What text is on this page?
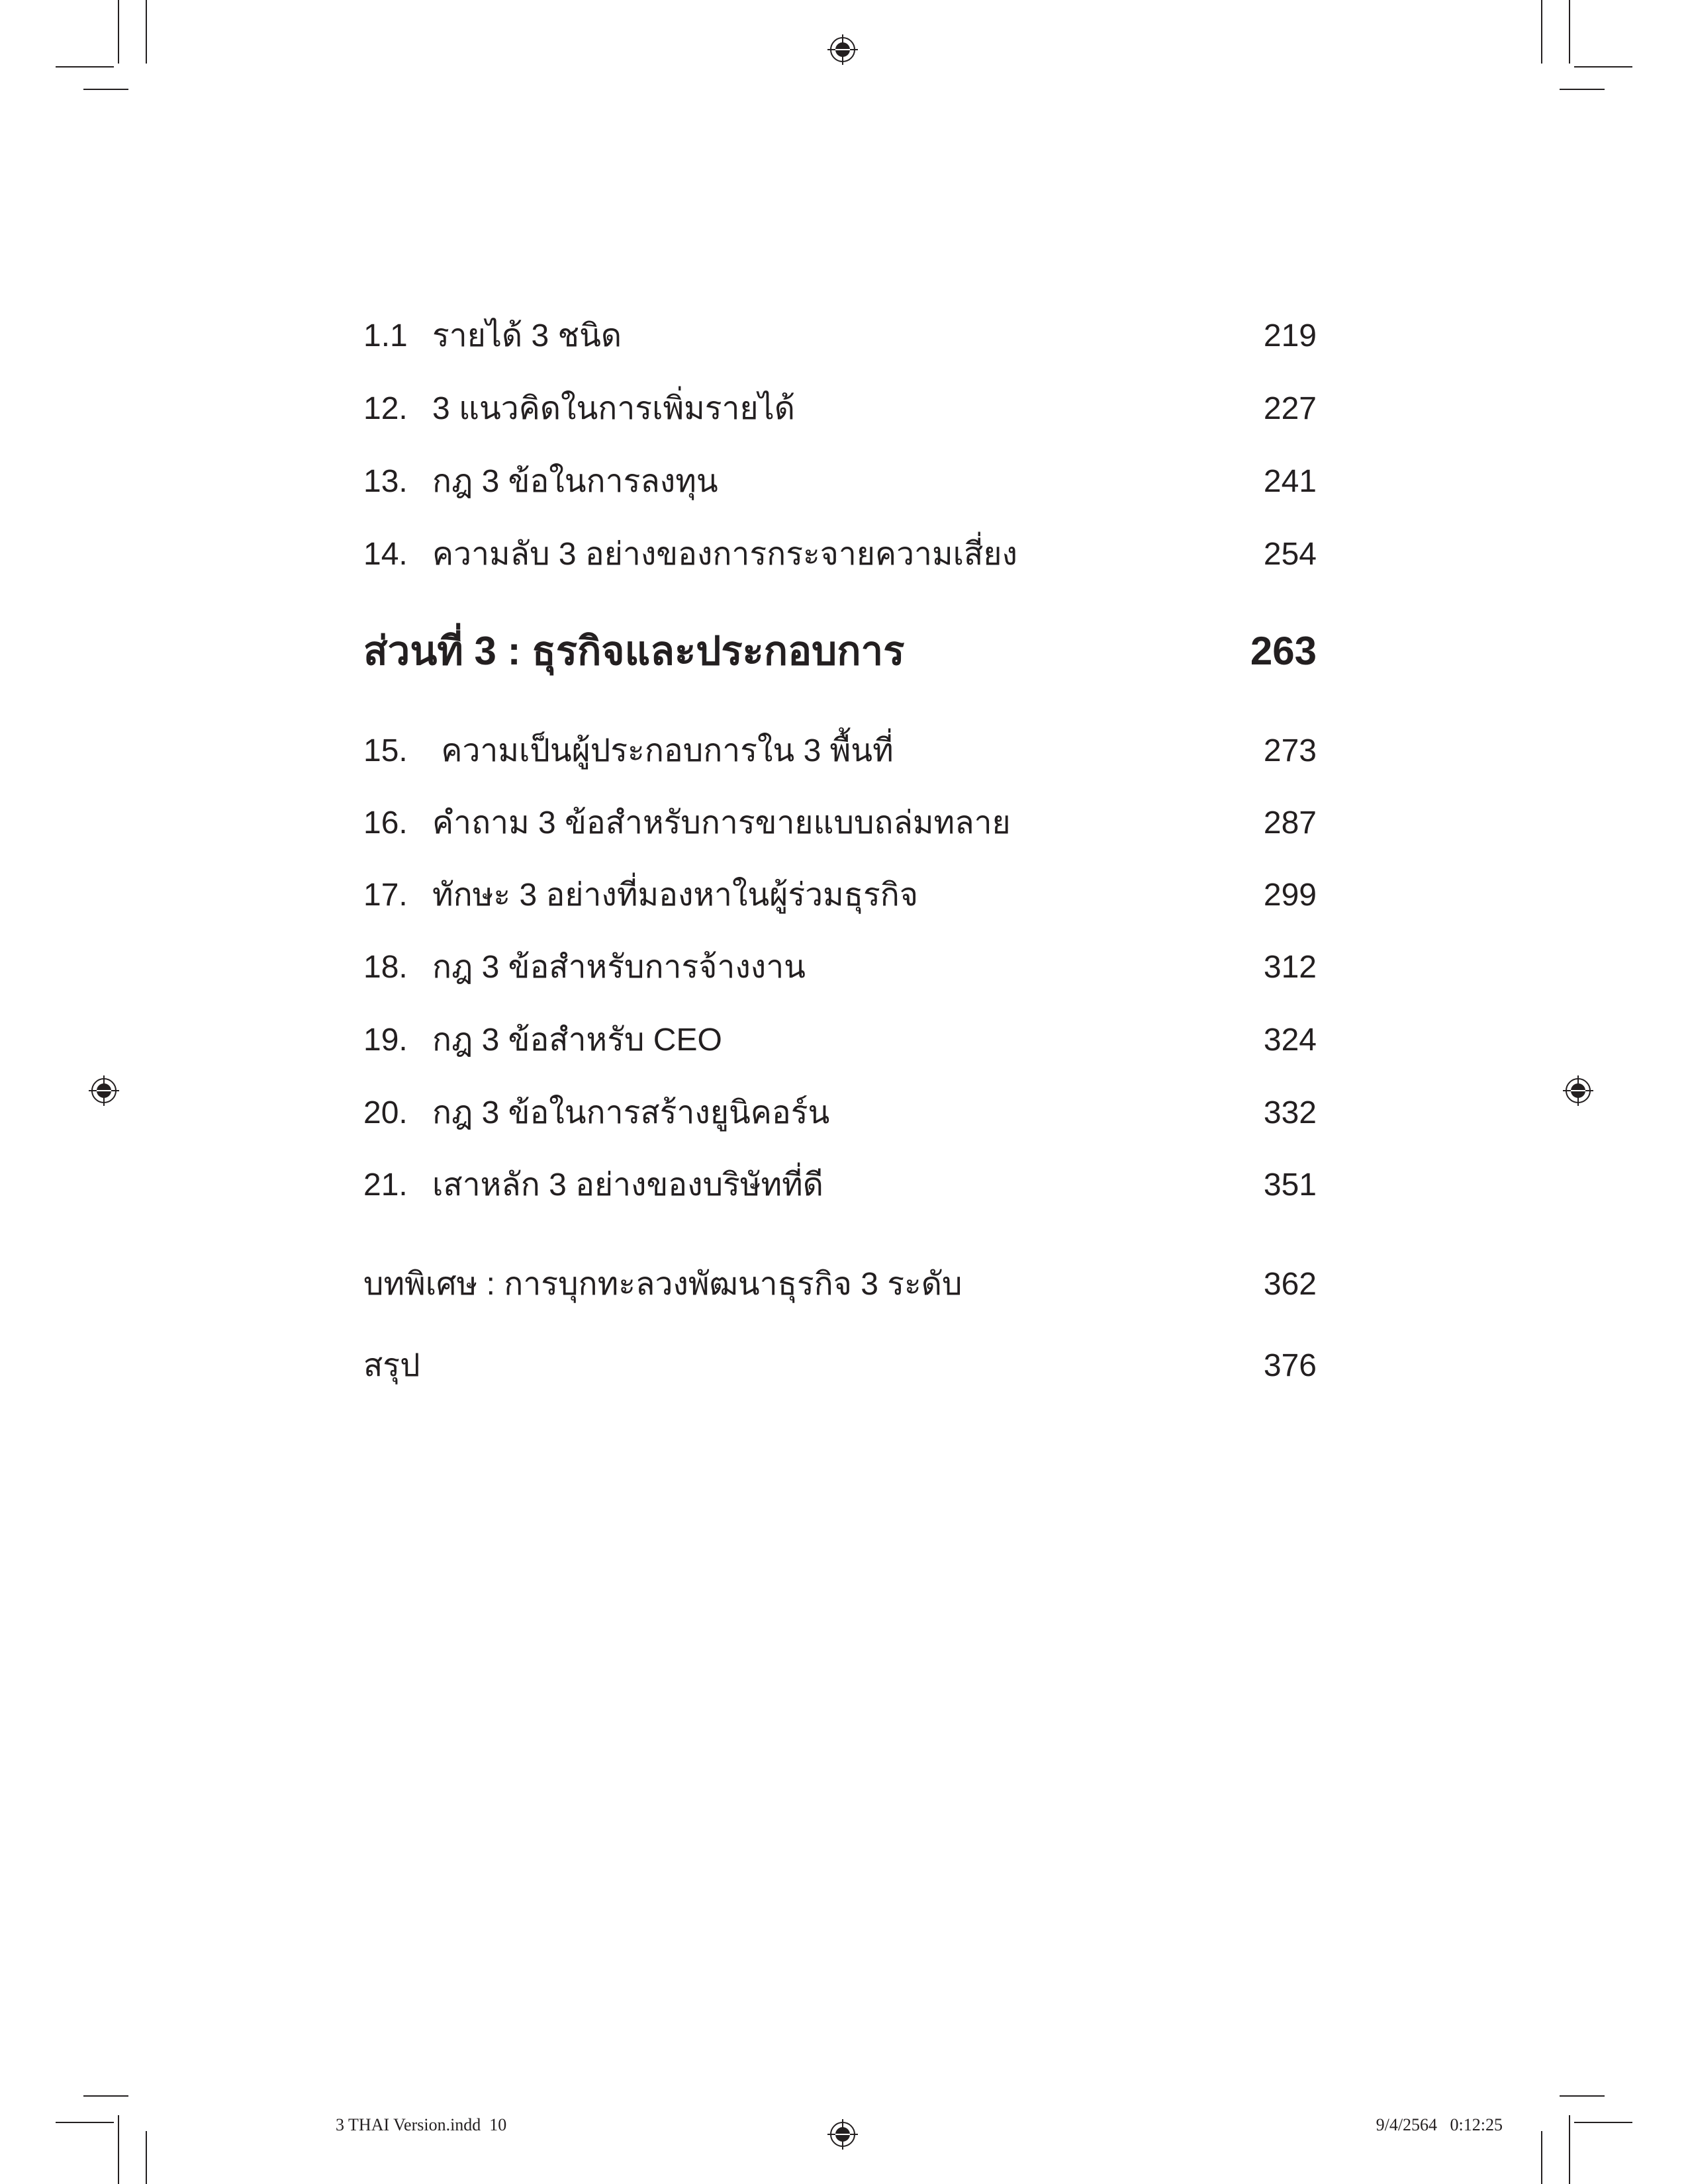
1.1 รายได้ 3 ชนิด	219
12. 3 แนวคิดในการเพิ่มรายได้	227
13. กฎ 3 ข้อในการลงทุน	241
14. ความลับ 3 อย่างของการกระจายความเสี่ยง	254
ส่วนที่ 3 : ธุรกิจและประกอบการ	263
15. ความเป็นผู้ประกอบการใน 3 พื้นที่	273
16. คำถาม 3 ข้อสำหรับการขายแบบถล่มทลาย	287
17. ทักษะ 3 อย่างที่มองหาในผู้ร่วมธุรกิจ	299
18. กฎ 3 ข้อสำหรับการจ้างงาน	312
19. กฎ 3 ข้อสำหรับ CEO	324
20. กฎ 3 ข้อในการสร้างยูนิคอร์น	332
21. เสาหลัก 3 อย่างของบริษัทที่ดี	351
บทพิเศษ : การบุกทะลวงพัฒนาธุรกิจ 3 ระดับ	362
สรุป	376
3 THAI Version.indd  10	9/4/2564   0:12:25
